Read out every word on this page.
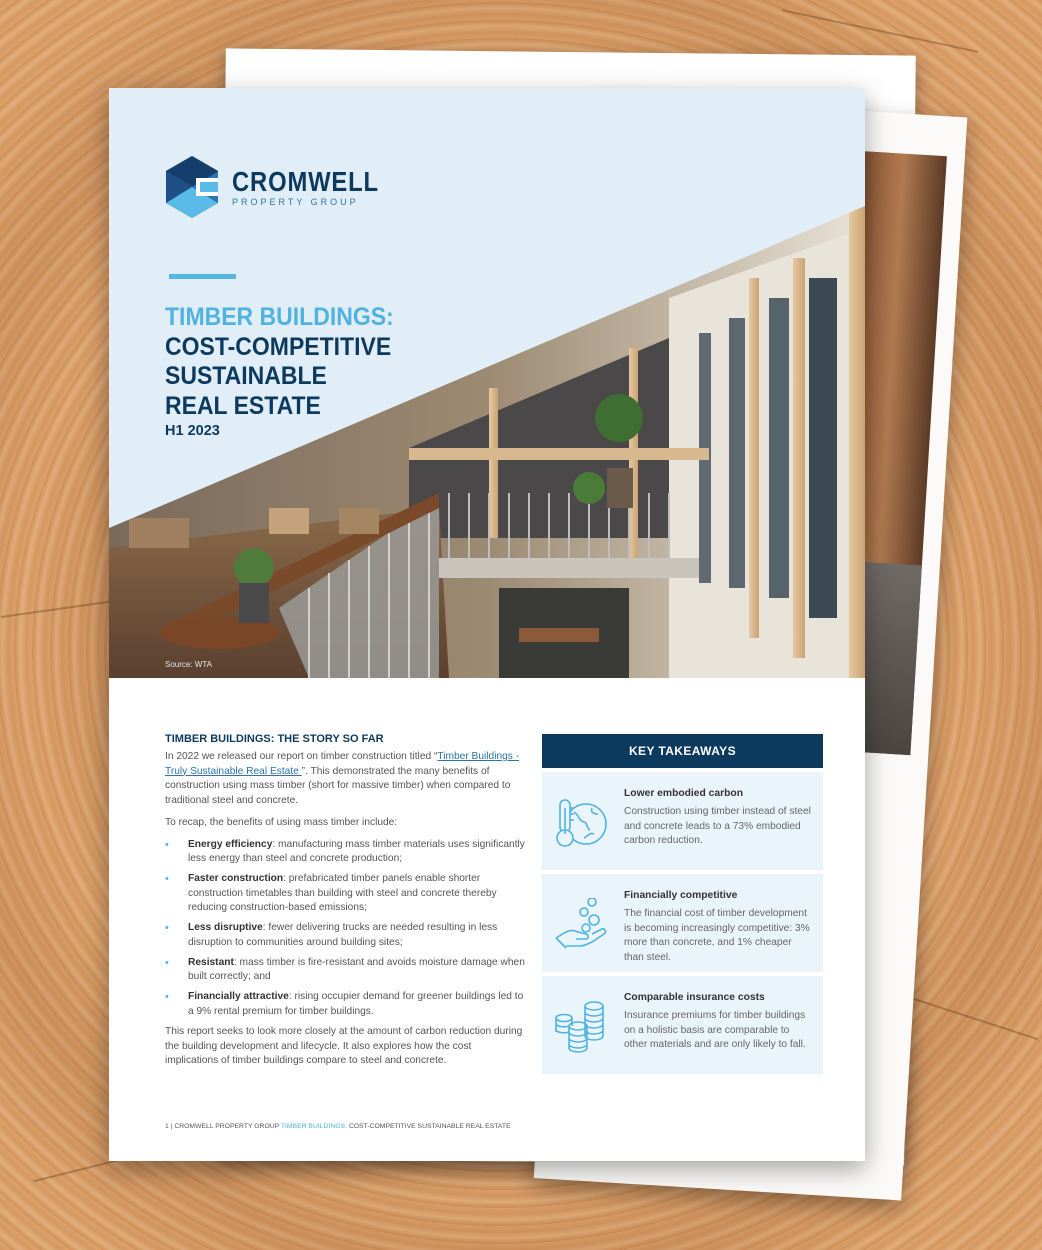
CROMWELL
PROPERTY GROUP
TIMBER BUILDINGS:
COST-COMPETITIVE
SUSTAINABLE
REAL ESTATE
H1 2023
Source: WTA
TIMBER BUILDINGS: THE STORY SO FAR
In 2022 we released our report on timber construction titled “Timber Buildings - Truly Sustainable Real Estate ”. This demonstrated the many benefits of construction using mass timber (short for massive timber) when compared to traditional steel and concrete.
To recap, the benefits of using mass timber include:
• Energy efficiency: manufacturing mass timber materials uses significantly less energy than steel and concrete production;
• Faster construction: prefabricated timber panels enable shorter construction timetables than building with steel and concrete thereby reducing construction-based emissions;
• Less disruptive: fewer delivering trucks are needed resulting in less disruption to communities around building sites;
• Resistant: mass timber is fire-resistant and avoids moisture damage when built correctly; and
• Financially attractive: rising occupier demand for greener buildings led to a 9% rental premium for timber buildings.
This report seeks to look more closely at the amount of carbon reduction during the building development and lifecycle. It also explores how the cost implications of timber buildings compare to steel and concrete.
KEY TAKEAWAYS
Lower embodied carbon
Construction using timber instead of steel and concrete leads to a 73% embodied carbon reduction.
Financially competitive
The financial cost of timber development is becoming increasingly competitive: 3% more than concrete, and 1% cheaper than steel.
Comparable insurance costs
Insurance premiums for timber buildings on a holistic basis are comparable to other materials and are only likely to fall.
1 | CROMWELL PROPERTY GROUP TIMBER BUILDINGS: COST-COMPETITIVE SUSTAINABLE REAL ESTATE
